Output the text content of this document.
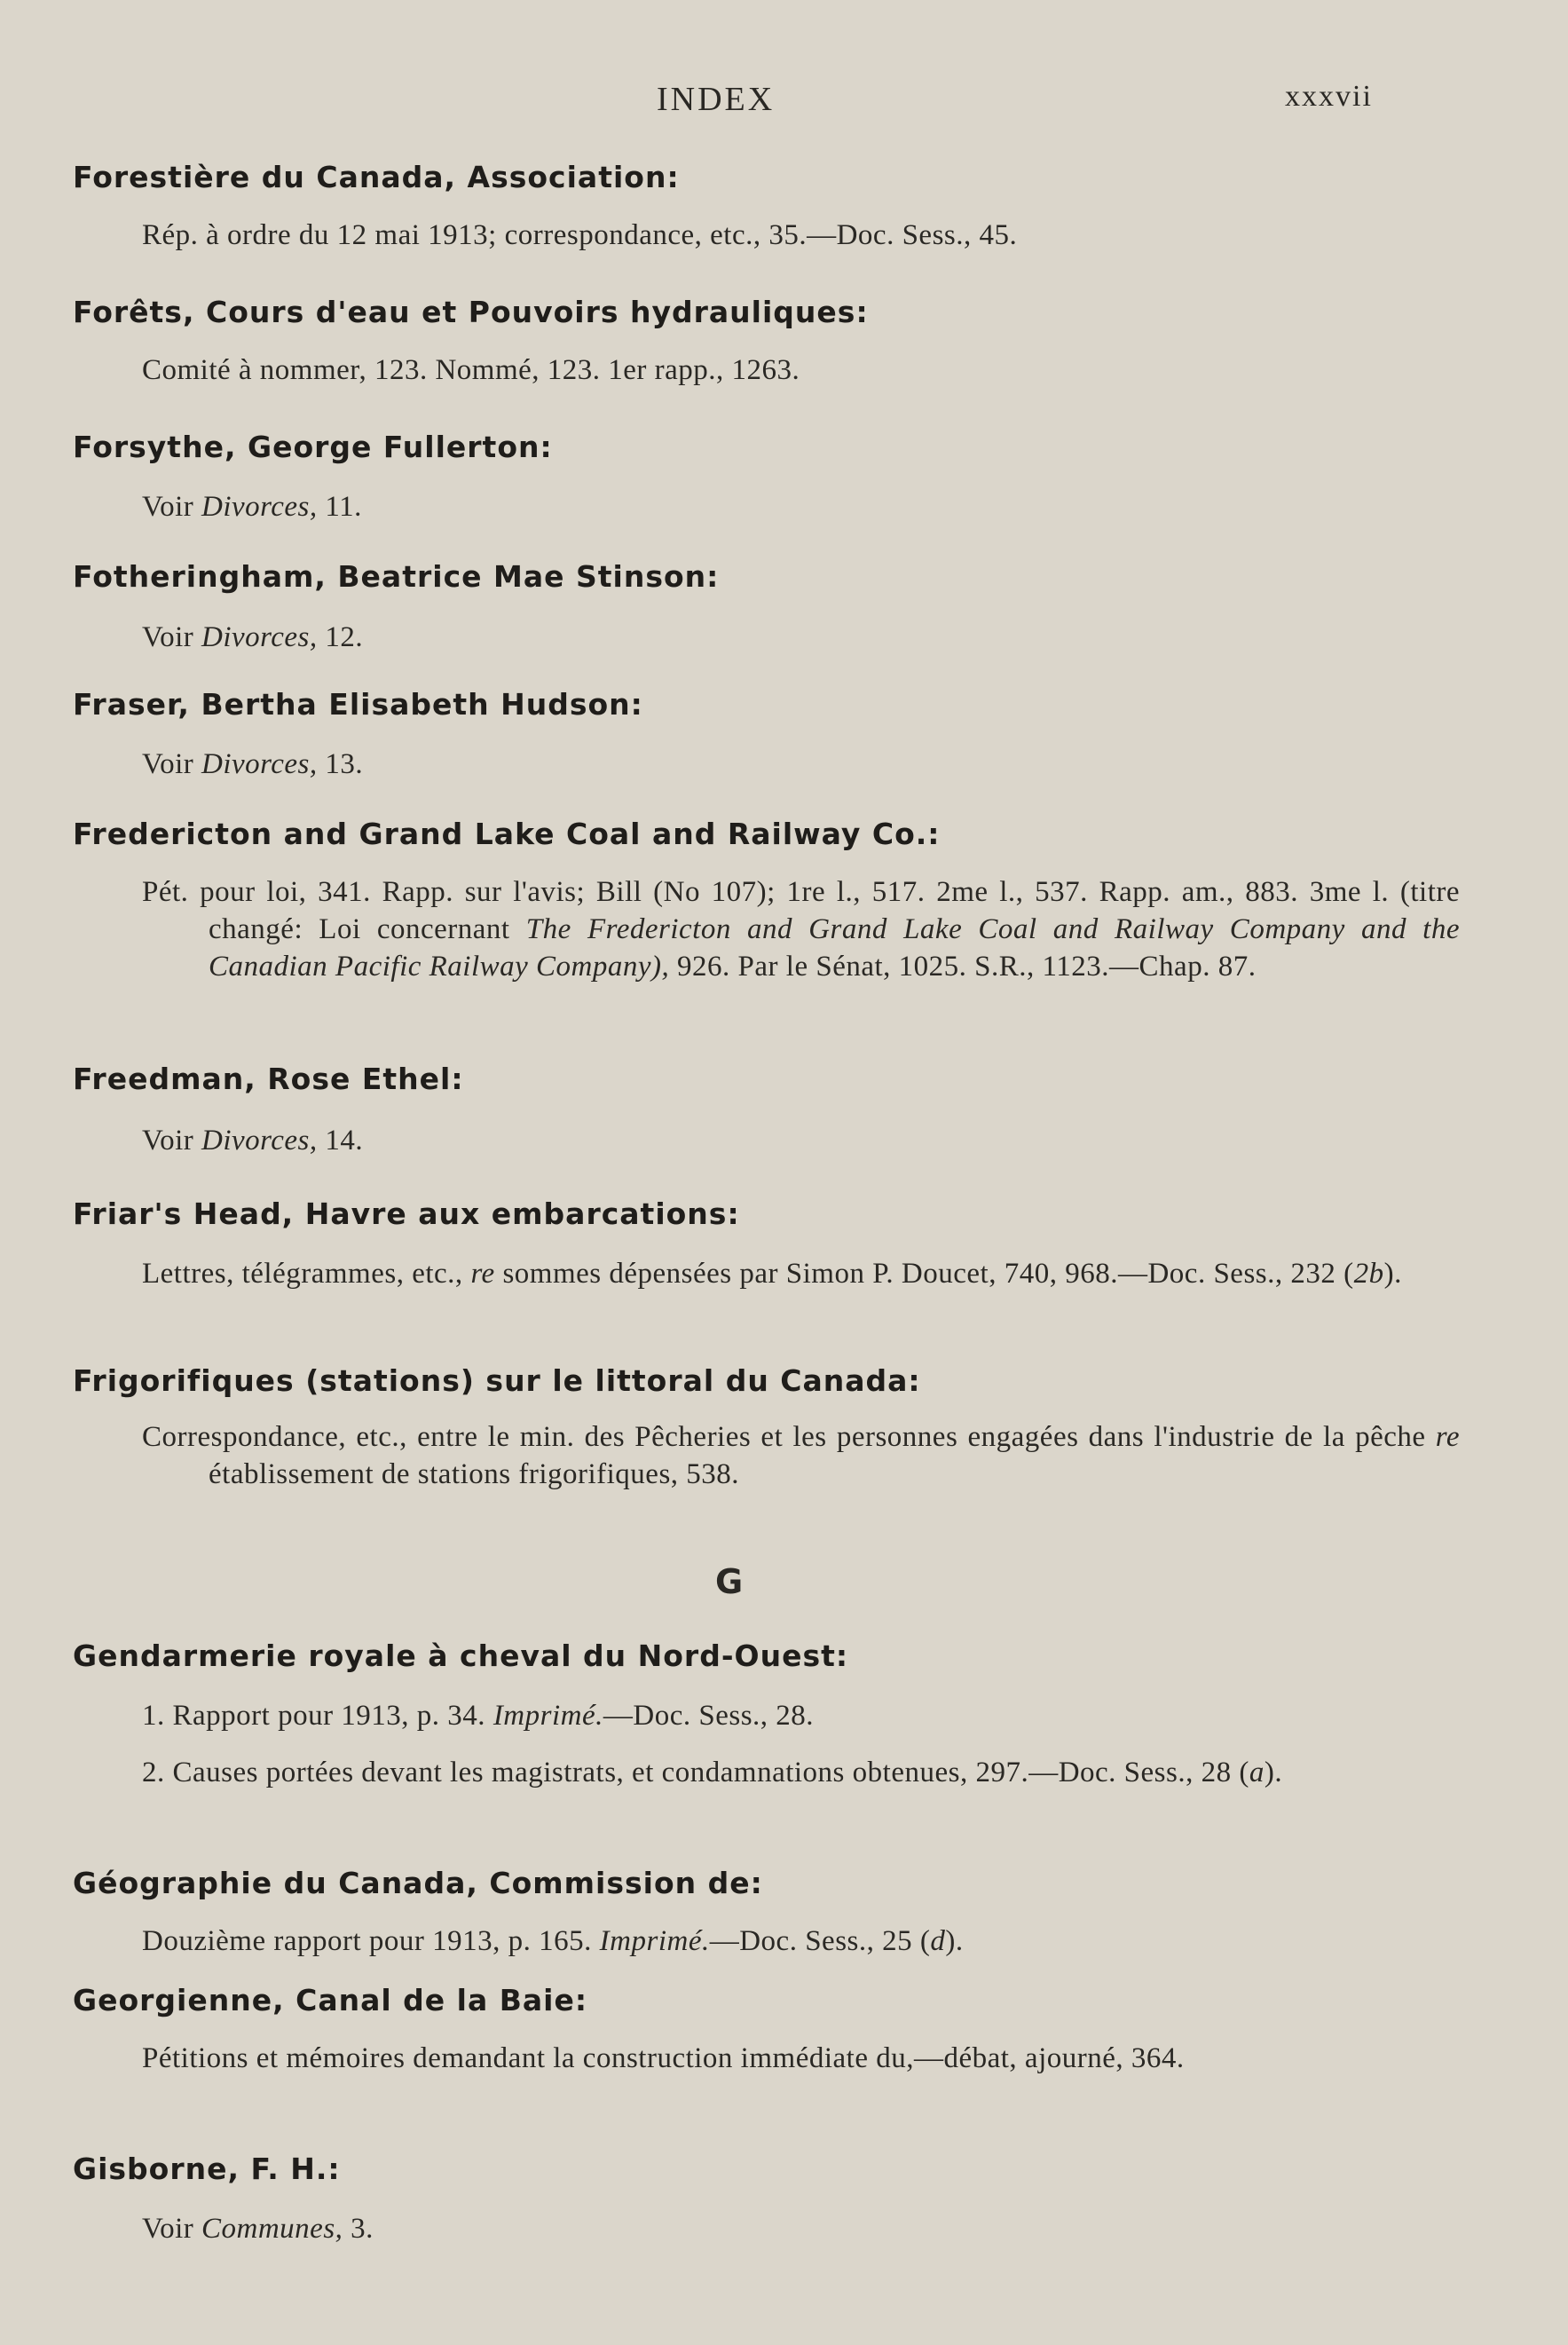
INDEX	xxxvii
Forestière du Canada, Association:
Rép. à ordre du 12 mai 1913; correspondance, etc., 35.—Doc. Sess., 45.
Forêts, Cours d'eau et Pouvoirs hydrauliques:
Comité à nommer, 123. Nommé, 123. 1er rapp., 1263.
Forsythe, George Fullerton:
Voir Divorces, 11.
Fotheringham, Beatrice Mae Stinson:
Voir Divorces, 12.
Fraser, Bertha Elisabeth Hudson:
Voir Divorces, 13.
Fredericton and Grand Lake Coal and Railway Co.:
Pét. pour loi, 341. Rapp. sur l'avis; Bill (No 107); 1re l., 517. 2me l., 537. Rapp. am., 883. 3me l. (titre changé: Loi concernant The Fredericton and Grand Lake Coal and Railway Company and the Canadian Pacific Railway Company), 926. Par le Sénat, 1025. S.R., 1123.—Chap. 87.
Freedman, Rose Ethel:
Voir Divorces, 14.
Friar's Head, Havre aux embarcations:
Lettres, télégrammes, etc., re sommes dépensées par Simon P. Doucet, 740, 968.—Doc. Sess., 232 (2b).
Frigorifiques (stations) sur le littoral du Canada:
Correspondance, etc., entre le min. des Pêcheries et les personnes engagées dans l'industrie de la pêche re établissement de stations frigorifiques, 538.
G
Gendarmerie royale à cheval du Nord-Ouest:
1. Rapport pour 1913, p. 34. Imprimé.—Doc. Sess., 28.
2. Causes portées devant les magistrats, et condamnations obtenues, 297.—Doc. Sess., 28 (a).
Géographie du Canada, Commission de:
Douzième rapport pour 1913, p. 165. Imprimé.—Doc. Sess., 25 (d).
Georgienne, Canal de la Baie:
Pétitions et mémoires demandant la construction immédiate du,—débat, ajourné, 364.
Gisborne, F. H.:
Voir Communes, 3.
